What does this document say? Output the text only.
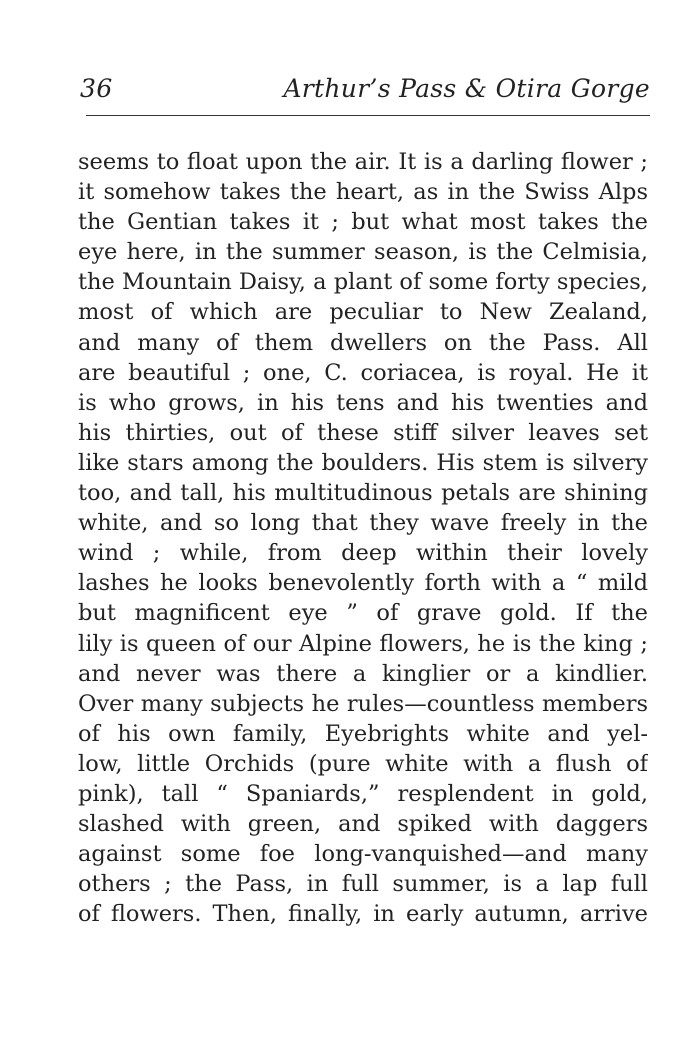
36	Arthur’s Pass & Otira Gorge
seems to float upon the air. It is a darling flower ;
it somehow takes the heart, as in the Swiss Alps
the Gentian takes it ; but what most takes the
eye here, in the summer season, is the Celmisia,
the Mountain Daisy, a plant of some forty species,
most of which are peculiar to New Zealand,
and many of them dwellers on the Pass. All
are beautiful ; one, C. coriacea, is royal. He it
is who grows, in his tens and his twenties and
his thirties, out of these stiff silver leaves set
like stars among the boulders. His stem is silvery
too, and tall, his multitudinous petals are shining
white, and so long that they wave freely in the
wind ; while, from deep within their lovely
lashes he looks benevolently forth with a “ mild
but magnificent eye ” of grave gold. If the
lily is queen of our Alpine flowers, he is the king ;
and never was there a kinglier or a kindlier.
Over many subjects he rules—countless members
of his own family, Eyebrights white and yel-
low, little Orchids (pure white with a flush of
pink), tall “ Spaniards,” resplendent in gold,
slashed with green, and spiked with daggers
against some foe long-vanquished—and many
others ; the Pass, in full summer, is a lap full
of flowers. Then, finally, in early autumn, arrive
